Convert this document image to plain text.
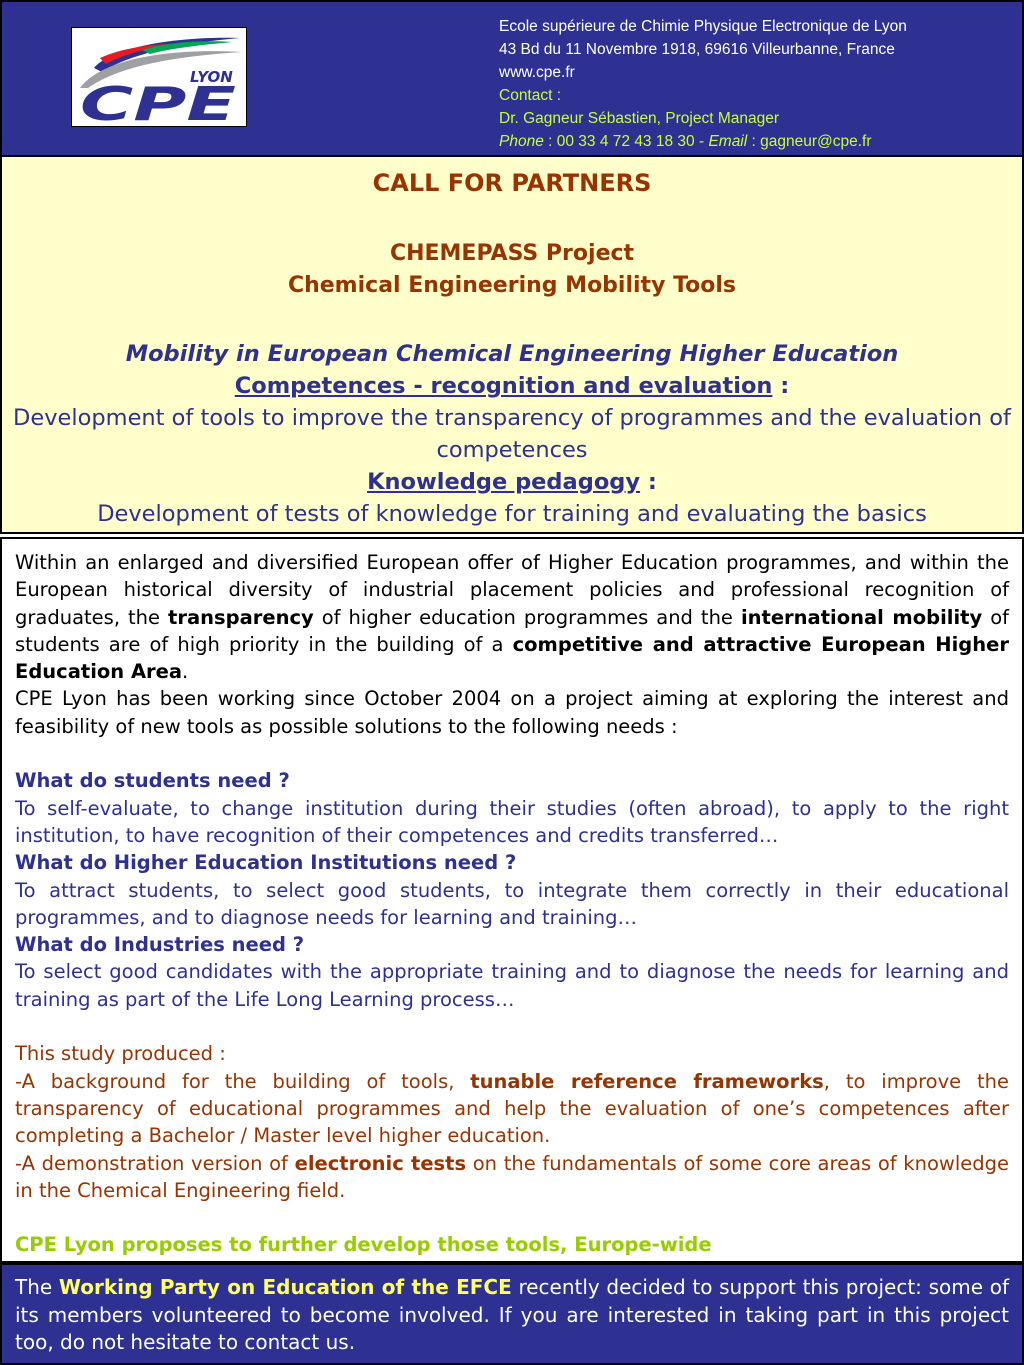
LYON
CPE
Ecole supérieure de Chimie Physique Electronique de Lyon
43 Bd du 11 Novembre 1918, 69616 Villeurbanne, France
www.cpe.fr
Contact :
Dr. Gagneur Sébastien, Project Manager
Phone : 00 33 4 72 43 18 30 - Email : gagneur@cpe.fr
CALL FOR PARTNERS
CHEMEPASS Project
Chemical Engineering Mobility Tools
Mobility in European Chemical Engineering Higher Education
Competences - recognition and evaluation :
Development of tools to improve the transparency of programmes and the evaluation of competences
Knowledge pedagogy :
Development of tests of knowledge for training and evaluating the basics

Within an enlarged and diversified European offer of Higher Education programmes, and within the European historical diversity of industrial placement policies and professional recognition of graduates, the transparency of higher education programmes and the international mobility of students are of high priority in the building of a competitive and attractive European Higher Education Area.

CPE Lyon has been working since October 2004 on a project aiming at exploring the interest and feasibility of new tools as possible solutions to the following needs :

What do students need ?

To self-evaluate, to change institution during their studies (often abroad), to apply to the right institution, to have recognition of their competences and credits transferred…

What do Higher Education Institutions need ?

To attract students, to select good students, to integrate them correctly in their educational programmes, and to diagnose needs for learning and training…

What do Industries need ?

To select good candidates with the appropriate training and to diagnose the needs for learning and training as part of the Life Long Learning process…

This study produced :

-A background for the building of tools, tunable reference frameworks, to improve the transparency of educational programmes and help the evaluation of one’s competences after completing a Bachelor / Master level higher education.

-A demonstration version of electronic tests on the fundamentals of some core areas of knowledge in the Chemical Engineering field.

CPE Lyon proposes to further develop those tools, Europe-wide

The Working Party on Education of the EFCE recently decided to support this project: some of its members volunteered to become involved. If you are interested in taking part in this project too, do not hesitate to contact us.
